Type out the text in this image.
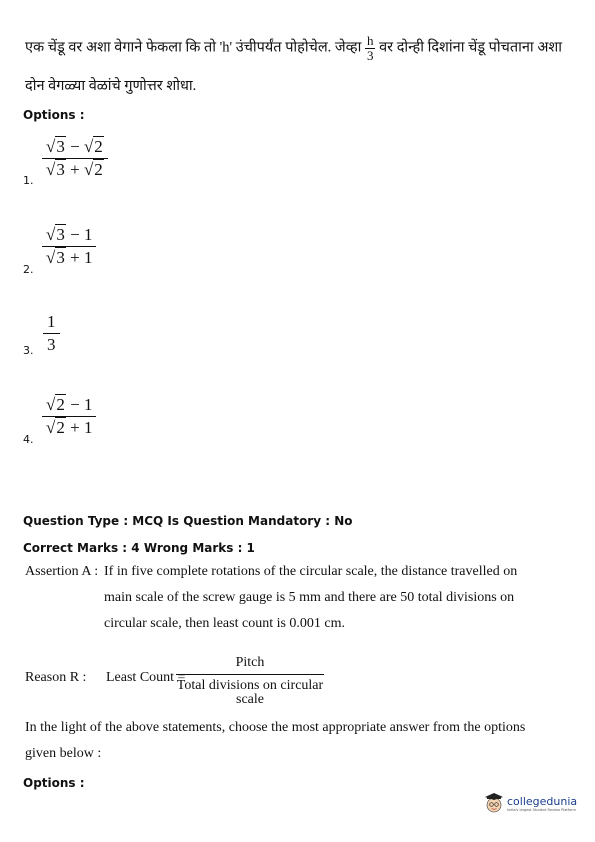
एक चेंडू वर अशा वेगाने फेकला कि तो 'h' उंचीपर्यंत पोहोचेल. जेव्हा $\frac{h}{3}$ वर दोन्ही दिशांना चेंडू पोचताना अशा
दोन वेगळ्या वेळांचे गुणोत्तर शोधा.
Options :
1.
$\frac{√3 - √2}{√3 + √2}$
2.
$\frac{√3 - 1}{√3 + 1}$
3. $\frac{1}{3}$
4.
$\frac{√2 - 1}{√2 + 1}$
Question Type : MCQ Is Question Mandatory : No
Correct Marks : 4 Wrong Marks : 1
Assertion A : If in five complete rotations of the circular scale, the distance travelled on
main scale of the screw gauge is 5 mm and there are 50 total divisions on
circular scale, then least count is 0.001 cm.
Reason R : Least Count =
Pitch
Total divisions on circular scale
In the light of the above statements, choose the most appropriate answer from the options
given below :
Options :
collegedunia
India's largest Student Review Platform
